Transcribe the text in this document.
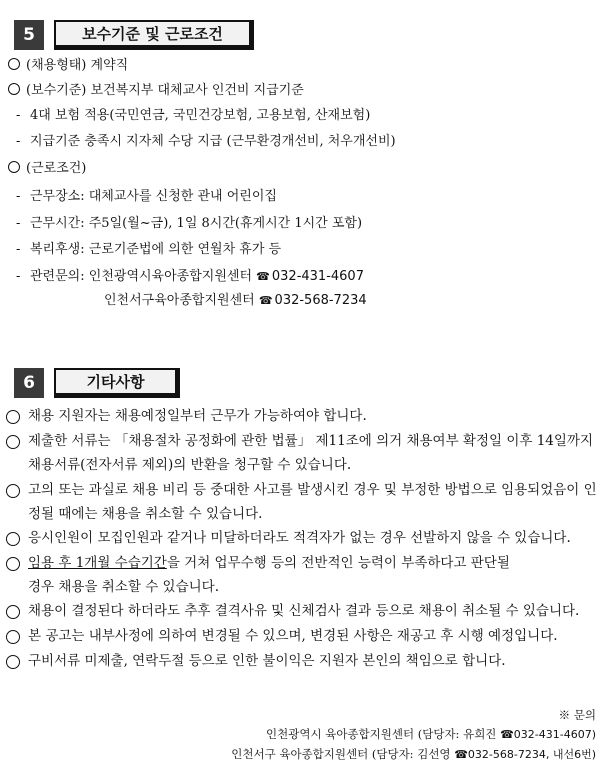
5	보수기준 및 근로조건
(채용형태) 계약직
(보수기준) 보건복지부 대체교사 인건비 지급기준
- 4대 보험 적용(국민연금, 국민건강보험, 고용보험, 산재보험)
- 지급기준 충족시 지자체 수당 지급 (근무환경개선비, 처우개선비)
(근로조건)
- 근무장소: 대체교사를 신청한 관내 어린이집
- 근무시간: 주5일(월~금), 1일 8시간(휴게시간 1시간 포함)
- 복리후생: 근로기준법에 의한 연월차 휴가 등
- 관련문의: 인천광역시육아종합지원센터 ☎ 032-431-4607
인천서구육아종합지원센터 ☎ 032-568-7234
6	기타사항
채용 지원자는 채용예정일부터 근무가 가능하여야 합니다.
제출한 서류는 「채용절차 공정화에 관한 법률」 제11조에 의거 채용여부 확정일 이후 14일까지 채용서류(전자서류 제외)의 반환을 청구할 수 있습니다.
고의 또는 과실로 채용 비리 등 중대한 사고를 발생시킨 경우 및 부정한 방법으로 임용되었음이 인정될 때에는 채용을 취소할 수 있습니다.
응시인원이 모집인원과 같거나 미달하더라도 적격자가 없는 경우 선발하지 않을 수 있습니다.
임용 후 1개월 수습기간을 거쳐 업무수행 등의 전반적인 능력이 부족하다고 판단될
경우 채용을 취소할 수 있습니다.
채용이 결정된다 하더라도 추후 결격사유 및 신체검사 결과 등으로 채용이 취소될 수 있습니다.
본 공고는 내부사정에 의하여 변경될 수 있으며, 변경된 사항은 재공고 후 시행 예정입니다.
구비서류 미제출, 연락두절 등으로 인한 불이익은 지원자 본인의 책임으로 합니다.
※ 문의
인천광역시 육아종합지원센터 (담당자: 유희진 ☎032-431-4607)
인천서구 육아종합지원센터 (담당자: 김선영 ☎032-568-7234, 내선6번)
